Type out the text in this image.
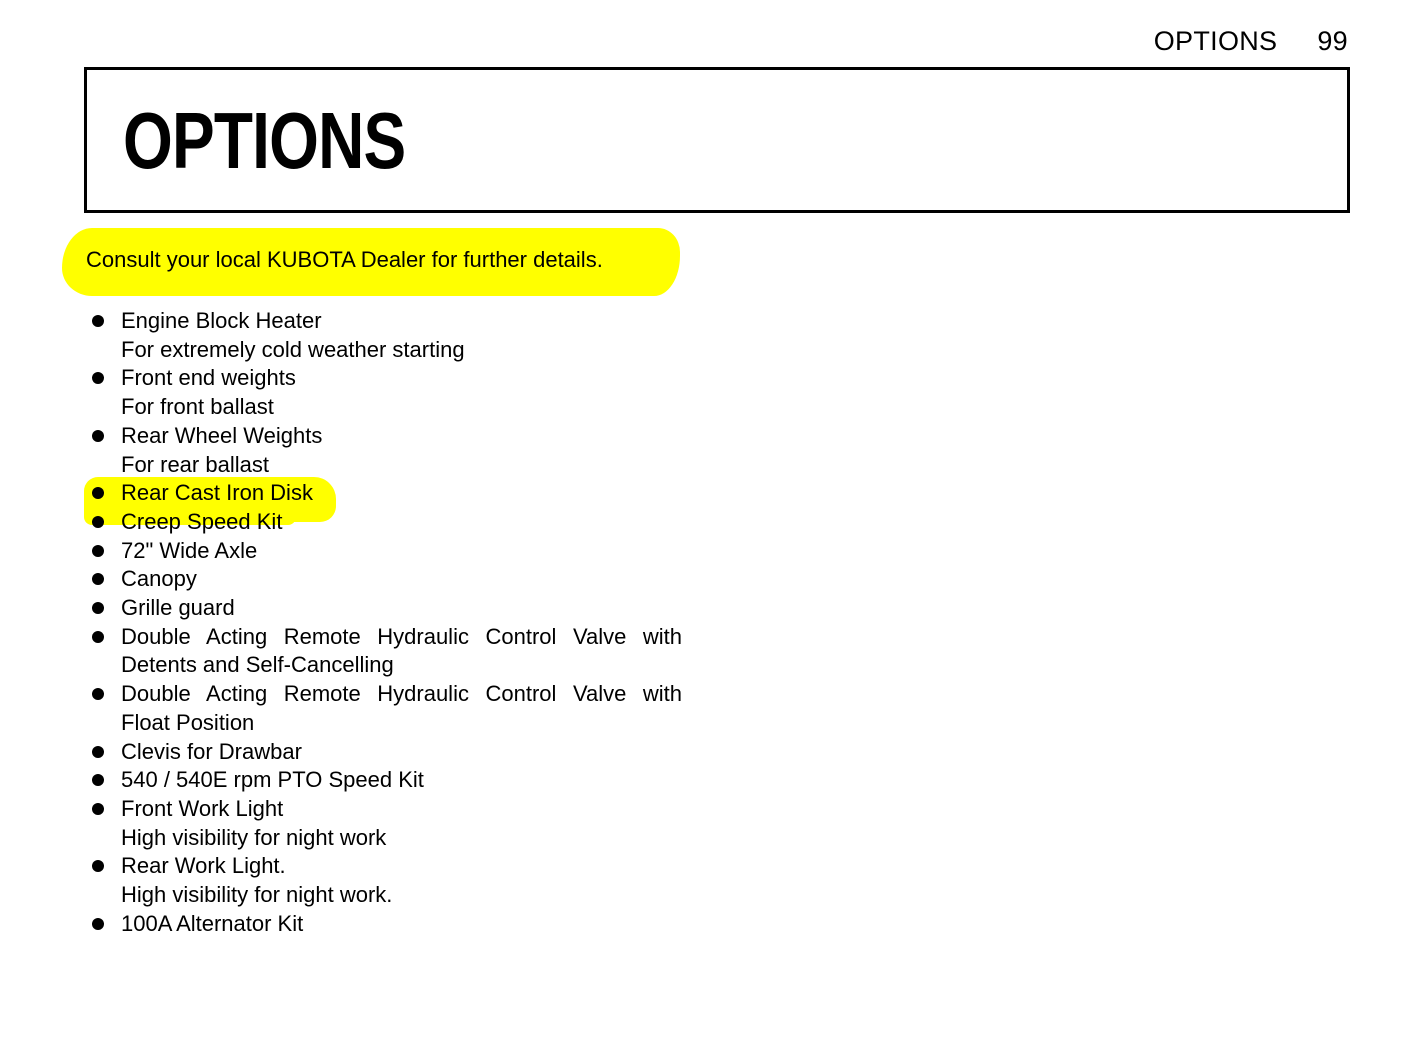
OPTIONS 99
OPTIONS
Consult your local KUBOTA Dealer for further details.
Engine Block Heater
For extremely cold weather starting
Front end weights
For front ballast
Rear Wheel Weights
For rear ballast
Rear Cast Iron Disk
Creep Speed Kit
72" Wide Axle
Canopy
Grille guard
Double Acting Remote Hydraulic Control Valve with
Detents and Self-Cancelling
Double Acting Remote Hydraulic Control Valve with
Float Position
Clevis for Drawbar
540 / 540E rpm PTO Speed Kit
Front Work Light
High visibility for night work
Rear Work Light.
High visibility for night work.
100A Alternator Kit
